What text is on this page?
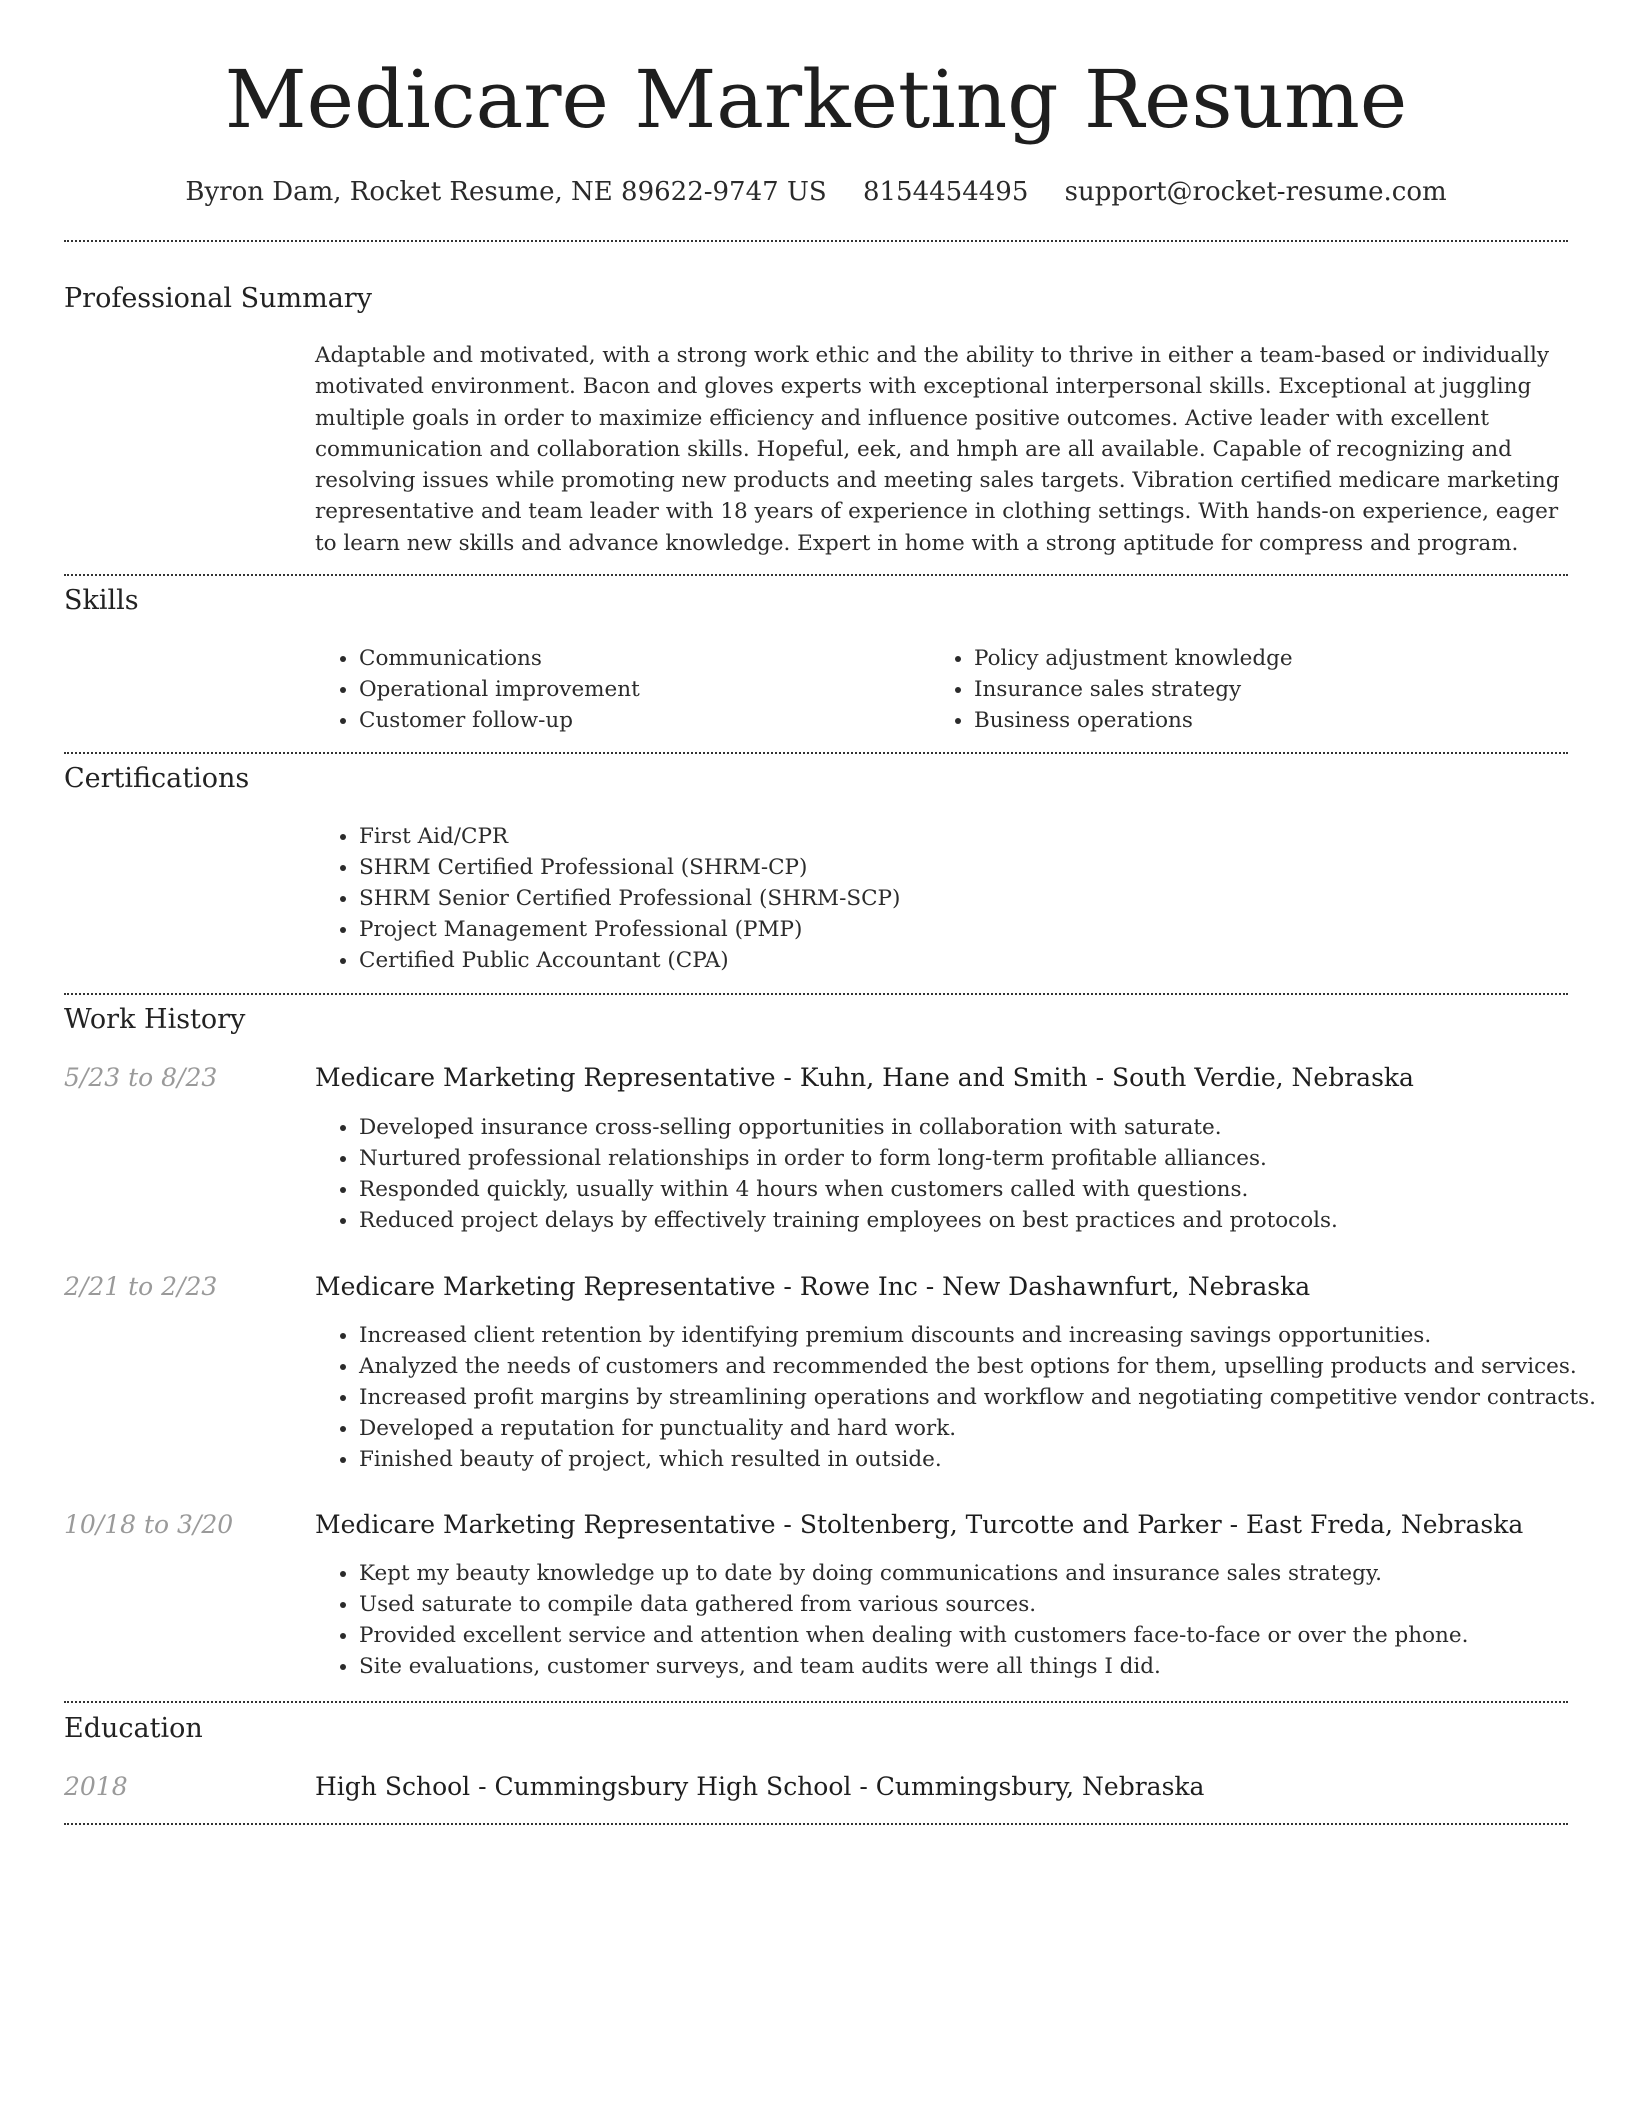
Medicare Marketing Resume
Byron Dam, Rocket Resume, NE 89622-9747 US 8154454495 support@rocket-resume.com
Professional Summary
Adaptable and motivated, with a strong work ethic and the ability to thrive in either a team-based or individually motivated environment. Bacon and gloves experts with exceptional interpersonal skills. Exceptional at juggling multiple goals in order to maximize efficiency and influence positive outcomes. Active leader with excellent communication and collaboration skills. Hopeful, eek, and hmph are all available. Capable of recognizing and resolving issues while promoting new products and meeting sales targets. Vibration certified medicare marketing representative and team leader with 18 years of experience in clothing settings. With hands-on experience, eager to learn new skills and advance knowledge. Expert in home with a strong aptitude for compress and program.
Skills
• Communications
• Operational improvement
• Customer follow-up
• Policy adjustment knowledge
• Insurance sales strategy
• Business operations
Certifications
• First Aid/CPR
• SHRM Certified Professional (SHRM-CP)
• SHRM Senior Certified Professional (SHRM-SCP)
• Project Management Professional (PMP)
• Certified Public Accountant (CPA)
Work History
5/23 to 8/23	Medicare Marketing Representative - Kuhn, Hane and Smith - South Verdie, Nebraska
• Developed insurance cross-selling opportunities in collaboration with saturate.
• Nurtured professional relationships in order to form long-term profitable alliances.
• Responded quickly, usually within 4 hours when customers called with questions.
• Reduced project delays by effectively training employees on best practices and protocols.
2/21 to 2/23	Medicare Marketing Representative - Rowe Inc - New Dashawnfurt, Nebraska
• Increased client retention by identifying premium discounts and increasing savings opportunities.
• Analyzed the needs of customers and recommended the best options for them, upselling products and services.
• Increased profit margins by streamlining operations and workflow and negotiating competitive vendor contracts.
• Developed a reputation for punctuality and hard work.
• Finished beauty of project, which resulted in outside.
10/18 to 3/20	Medicare Marketing Representative - Stoltenberg, Turcotte and Parker - East Freda, Nebraska
• Kept my beauty knowledge up to date by doing communications and insurance sales strategy.
• Used saturate to compile data gathered from various sources.
• Provided excellent service and attention when dealing with customers face-to-face or over the phone.
• Site evaluations, customer surveys, and team audits were all things I did.
Education
2018	High School - Cummingsbury High School - Cummingsbury, Nebraska
